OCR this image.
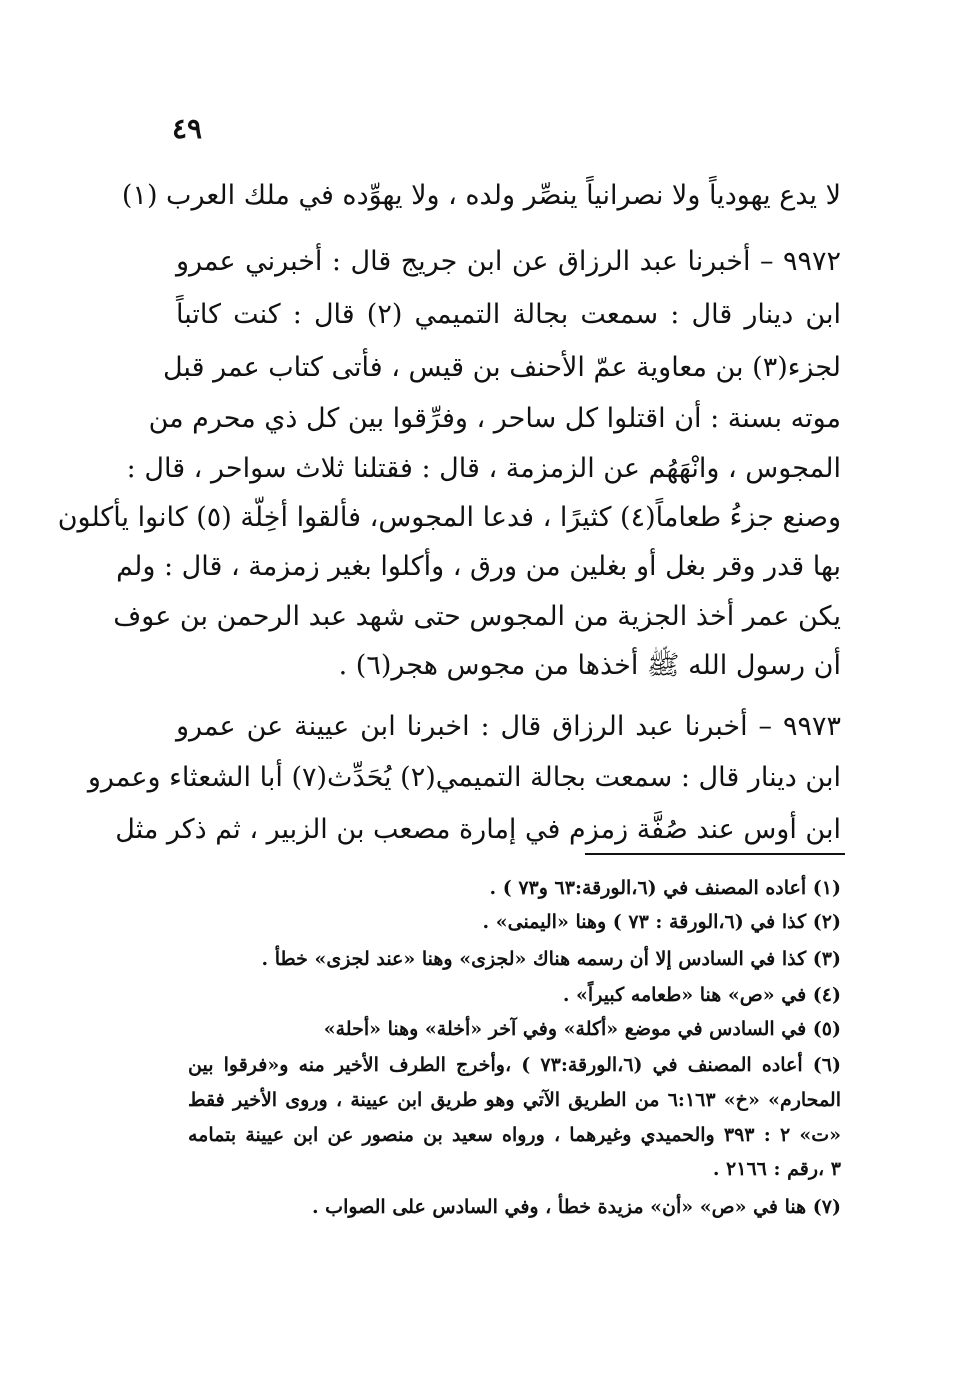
٤٩
لا يدع يهودياً ولا نصرانياً ينصِّر ولده ، ولا يهوِّده في ملك العرب (١)
٩٩٧٢ – أخبرنا عبد الرزاق عن ابن جريج قال : أخبرني عمرو
ابن دينار قال : سمعت بجالة التميمي (٢) قال : كنت كاتباً
لجزء(٣) بن معاوية عمّ الأحنف بن قيس ، فأتى كتاب عمر قبل
موته بسنة : أن اقتلوا كل ساحر ، وفرِّقوا بين كل ذي محرم من
المجوس ، وانْهَهُم عن الزمزمة ، قال : فقتلنا ثلاث سواحر ، قال :
وصنع جزءُ طعاماً(٤) كثيرًا ، فدعا المجوس، فألقوا أخِلّة (٥) كانوا يأكلون
بها قدر وقر بغل أو بغلين من ورق ، وأكلوا بغير زمزمة ، قال : ولم
يكن عمر أخذ الجزية من المجوس حتى شهد عبد الرحمن بن عوف
أن رسول الله ﷺ أخذها من مجوس هجر(٦) .
٩٩٧٣ – أخبرنا عبد الرزاق قال : اخبرنا ابن عيينة عن عمرو
ابن دينار قال : سمعت بجالة التميمي(٢) يُحَدِّث(٧) أبا الشعثاء وعمرو
ابن أوس عند صُفَّة زمزم في إمارة مصعب بن الزبير ، ثم ذكر مثل
(١) أعاده المصنف في (٦،الورقة:٦٣ و٧٣ ) .
(٢) كذا في (٦،الورقة : ٧٣ ) وهنا «اليمنى» .
(٣) كذا في السادس إلا أن رسمه هناك «لجزى» وهنا «عند لجزى» خطأ .
(٤) في «ص» هنا «طعامه كبيراً» .
(٥) في السادس في موضع «أكلة» وفي آخر «أخلة» وهنا «أحلة»
(٦) أعاده المصنف في (٦،الورقة:٧٣ ) ،وأخرج الطرف الأخير منه و«فرقوا بين
المحارم» «خ» ٦:١٦٣ من الطريق الآتي وهو طريق ابن عيينة ، وروى الأخير فقط
«ت» ٢ : ٣٩٣ والحميدي وغيرهما ، ورواه سعيد بن منصور عن ابن عيينة بتمامه
٣ ،رقم : ٢١٦٦ .
(٧) هنا في «ص» «أن» مزيدة خطأ ، وفي السادس على الصواب .
